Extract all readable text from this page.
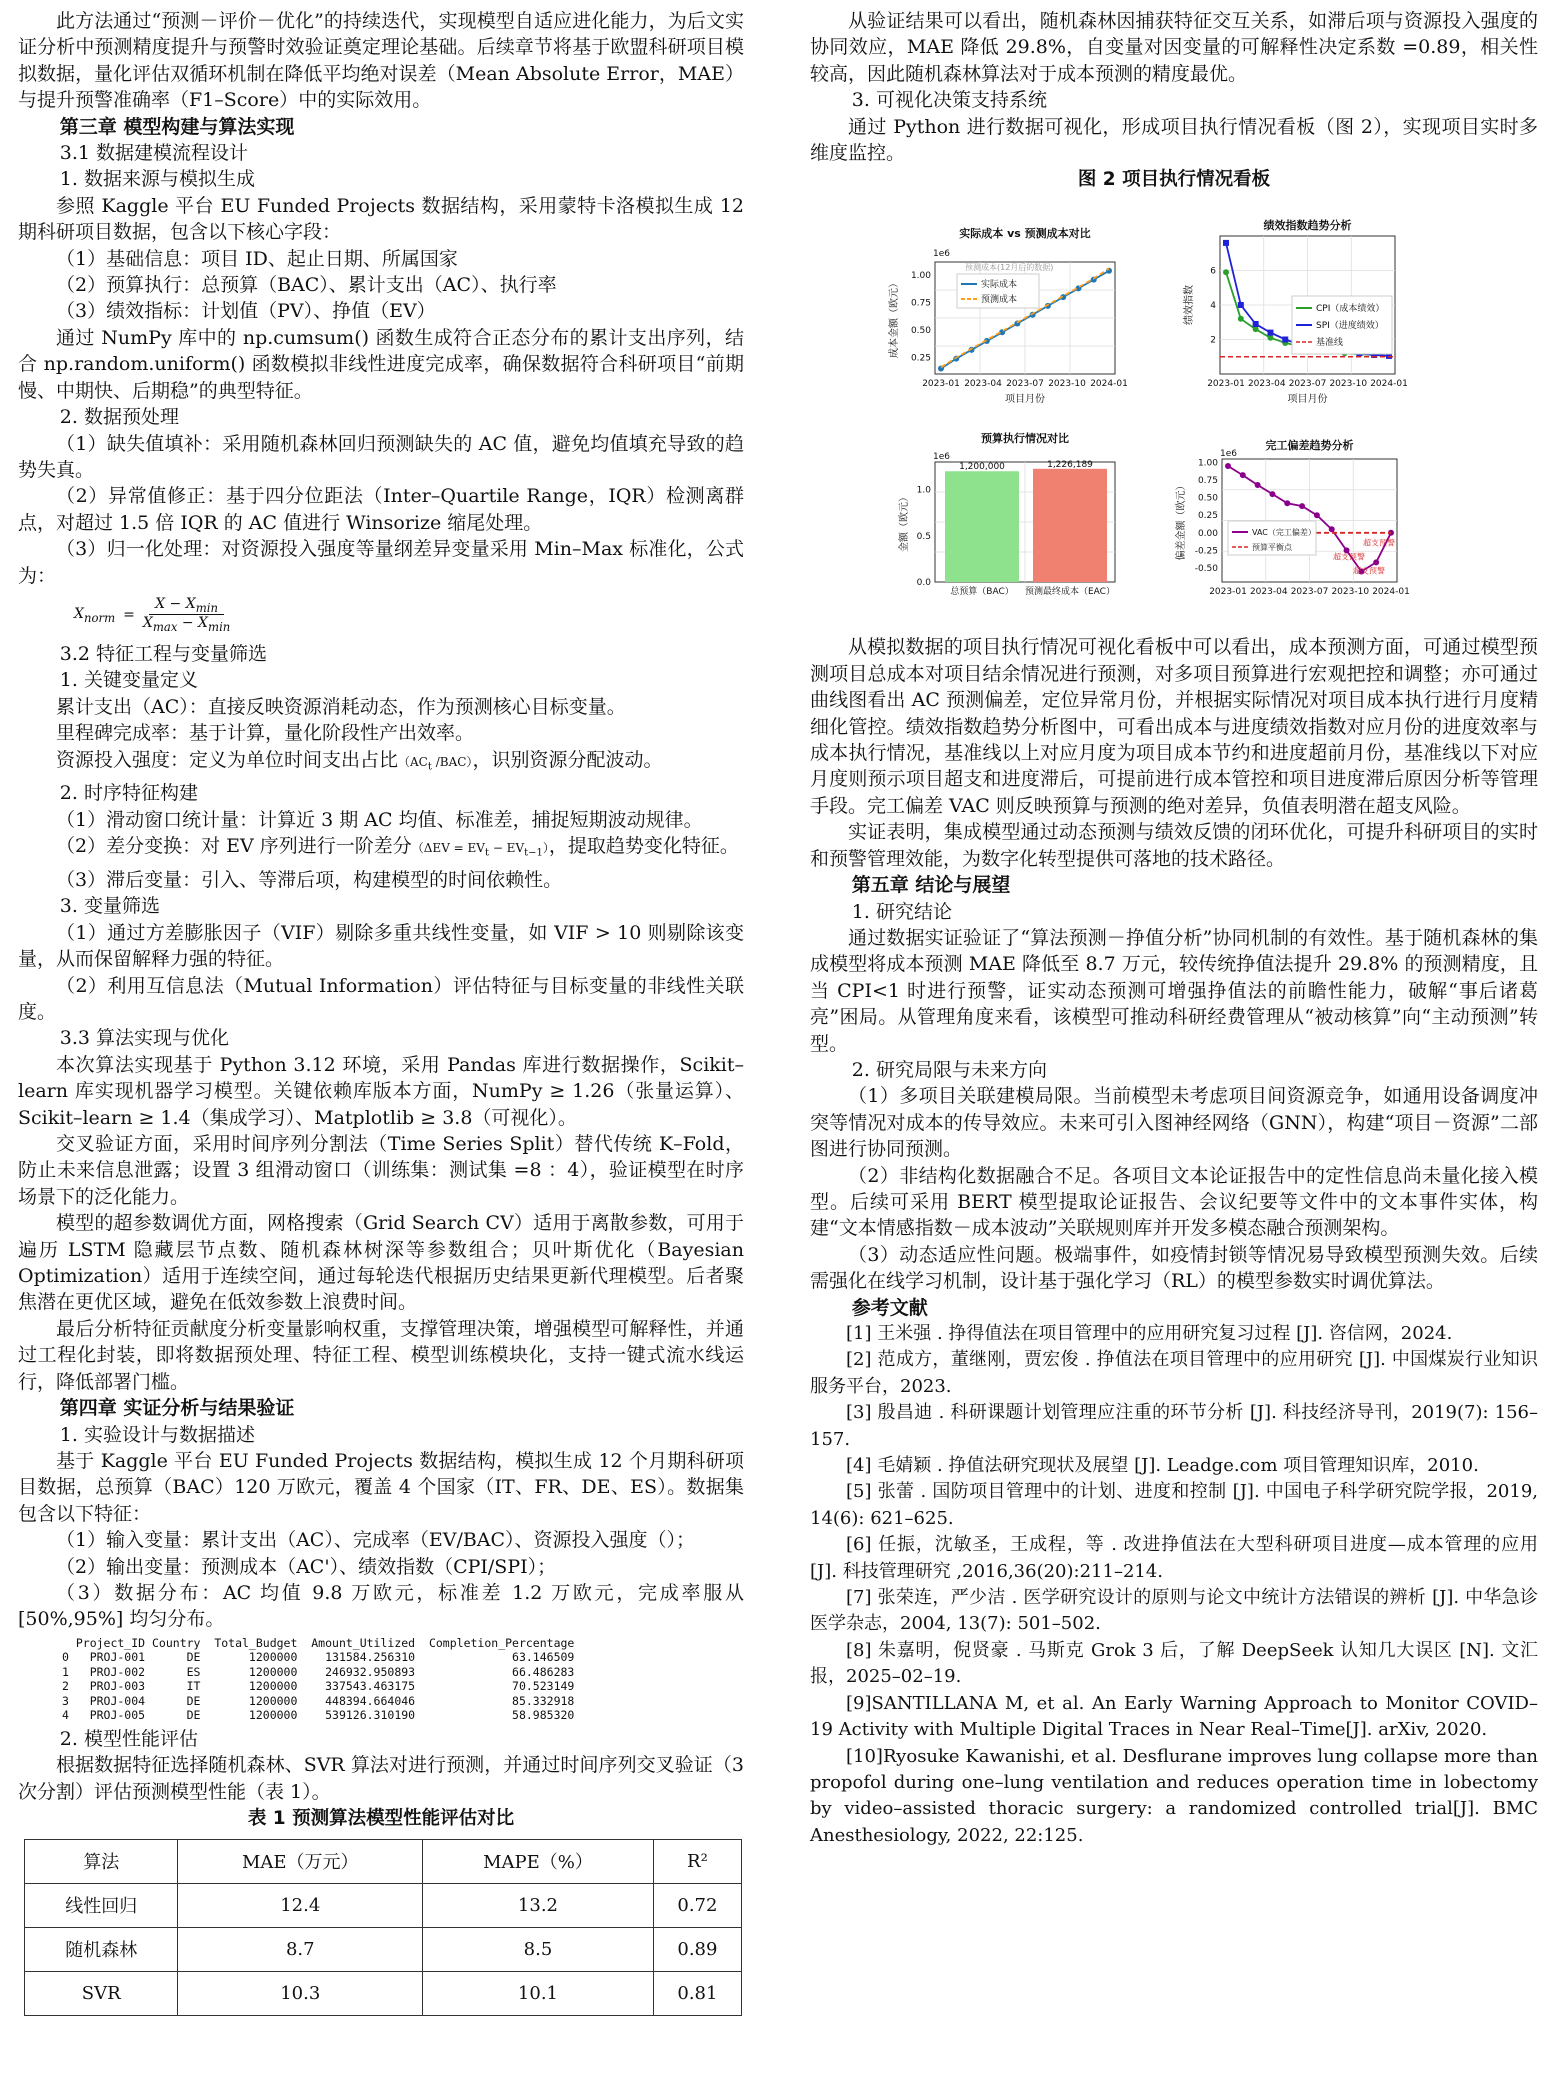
此方法通过“预测－评价－优化”的持续迭代，实现模型自适应进化能力，为后文实证分析中预测精度提升与预警时效验证奠定理论基础。后续章节将基于欧盟科研项目模拟数据，量化评估双循环机制在降低平均绝对误差（Mean Absolute Error，MAE）与提升预警准确率（F1–Score）中的实际效用。

第三章 模型构建与算法实现
3.1 数据建模流程设计
1. 数据来源与模拟生成

参照 Kaggle 平台 EU Funded Projects 数据结构，采用蒙特卡洛模拟生成 12 期科研项目数据，包含以下核心字段：

（1）基础信息：项目 ID、起止日期、所属国家

（2）预算执行：总预算（BAC）、累计支出（AC）、执行率

（3）绩效指标：计划值（PV）、挣值（EV）

通过 NumPy 库中的 np.cumsum() 函数生成符合正态分布的累计支出序列，结合 np.random.uniform() 函数模拟非线性进度完成率，确保数据符合科研项目“前期慢、中期快、后期稳”的典型特征。

2. 数据预处理

（1）缺失值填补：采用随机森林回归预测缺失的 AC 值，避免均值填充导致的趋势失真。

（2）异常值修正：基于四分位距法（Inter–Quartile Range，IQR）检测离群点，对超过 1.5 倍 IQR 的 AC 值进行 Winsorize 缩尾处理。

（3）归一化处理：对资源投入强度等量纲差异变量采用 Min–Max 标准化，公式为：

$X_{norm} = \frac{X - X_{min}}{X_{max} - X_{min}}$
3.2 特征工程与变量筛选
1. 关键变量定义

累计支出（AC）：直接反映资源消耗动态，作为预测核心目标变量。

里程碑完成率：基于计算，量化阶段性产出效率。

资源投入强度：定义为单位时间支出占比（$AC_t$ /BAC），识别资源分配波动。

2. 时序特征构建

（1）滑动窗口统计量：计算近 3 期 AC 均值、标准差，捕捉短期波动规律。

（2）差分变换：对 EV 序列进行一阶差分$(\Delta EV = EV_t - EV_{t-1})$，提取趋势变化特征。

（3）滞后变量：引入、等滞后项，构建模型的时间依赖性。

3. 变量筛选

（1）通过方差膨胀因子（VIF）剔除多重共线性变量，如 VIF > 10 则剔除该变量，从而保留解释力强的特征。

（2）利用互信息法（Mutual Information）评估特征与目标变量的非线性关联度。

3.3 算法实现与优化

本次算法实现基于 Python 3.12 环境，采用 Pandas 库进行数据操作，Scikit–learn 库实现机器学习模型。关键依赖库版本方面，NumPy ≥ 1.26（张量运算）、Scikit–learn ≥ 1.4（集成学习）、Matplotlib ≥ 3.8（可视化）。

交叉验证方面，采用时间序列分割法（Time Series Split）替代传统 K–Fold，防止未来信息泄露；设置 3 组滑动窗口（训练集：测试集 =8 ：4），验证模型在时序场景下的泛化能力。

模型的超参数调优方面，网格搜索（Grid Search CV）适用于离散参数，可用于遍历 LSTM 隐藏层节点数、随机森林树深等参数组合；贝叶斯优化（Bayesian Optimization）适用于连续空间，通过每轮迭代根据历史结果更新代理模型。后者聚焦潜在更优区域，避免在低效参数上浪费时间。

最后分析特征贡献度分析变量影响权重，支撑管理决策，增强模型可解释性，并通过工程化封装，即将数据预处理、特征工程、模型训练模块化，支持一键式流水线运行，降低部署门槛。

第四章 实证分析与结果验证
1. 实验设计与数据描述

基于 Kaggle 平台 EU Funded Projects 数据结构，模拟生成 12 个月期科研项目数据，总预算（BAC）120 万欧元，覆盖 4 个国家（IT、FR、DE、ES）。数据集包含以下特征：

（1）输入变量：累计支出（AC）、完成率（EV/BAC）、资源投入强度（）；

（2）输出变量：预测成本（AC'）、绩效指数（CPI/SPI）；

（3）数据分布：AC 均值 9.8 万欧元，标准差 1.2 万欧元，完成率服从 [50%,95%] 均匀分布。

Project_ID Country  Total_Budget  Amount_Utilized  Completion_Percentage
0   PROJ-001      DE       1200000    131584.256310              63.146509
1   PROJ-002      ES       1200000    246932.950893              66.486283
2   PROJ-003      IT       1200000    337543.463175              70.523149
3   PROJ-004      DE       1200000    448394.664046              85.332918
4   PROJ-005      DE       1200000    539126.310190              58.985320
2. 模型性能评估

根据数据特征选择随机森林、SVR 算法对进行预测，并通过时间序列交叉验证（3 次分割）评估预测模型性能（表 1）。

表 1 预测算法模型性能评估对比
算法	MAE（万元）	MAPE（%）	R²
线性回归	12.4	13.2	0.72
随机森林	8.7	8.5	0.89
SVR	10.3	10.1	0.81

从验证结果可以看出，随机森林因捕获特征交互关系，如滞后项与资源投入强度的协同效应，MAE 降低 29.8%，自变量对因变量的可解释性决定系数 =0.89，相关性较高，因此随机森林算法对于成本预测的精度最优。

3. 可视化决策支持系统

通过 Python 进行数据可视化，形成项目执行情况看板（图 2），实现项目实时多维度监控。

图 2 项目执行情况看板
实际成本 vs 预测成本对比
1e6
0.25
0.50
0.75
1.00
2023-01 2023-04 2023-07 2023-10 2024-01
项目月份
成本金额（欧元）
预测成本(12月后的数据)
实际成本
预测成本
绩效指数趋势分析
2
4
6
2023-01 2023-04 2023-07 2023-10 2024-01
项目月份
绩效指数	CPI（成本绩效）
SPI（进度绩效）
基准线
预算执行情况对比
1e6
1,200,000
总预算（BAC）
1,226,189
预测最终成本（EAC）
0.0
0.5
1.0
金额（欧元）
完工偏差趋势分析
1e6
-0.50
-0.25
0.00
0.25
0.50
0.75
1.00
2023-01 2023-04 2023-07 2023-10 2024-01
偏差金额（欧元）	超支预警
超支预警
超支预警
VAC（完工偏差）
预算平衡点

从模拟数据的项目执行情况可视化看板中可以看出，成本预测方面，可通过模型预测项目总成本对项目结余情况进行预测，对多项目预算进行宏观把控和调整；亦可通过曲线图看出 AC 预测偏差，定位异常月份，并根据实际情况对项目成本执行进行月度精细化管控。绩效指数趋势分析图中，可看出成本与进度绩效指数对应月份的进度效率与成本执行情况，基准线以上对应月度为项目成本节约和进度超前月份，基准线以下对应月度则预示项目超支和进度滞后，可提前进行成本管控和项目进度滞后原因分析等管理手段。完工偏差 VAC 则反映预算与预测的绝对差异，负值表明潜在超支风险。

实证表明，集成模型通过动态预测与绩效反馈的闭环优化，可提升科研项目的实时和预警管理效能，为数字化转型提供可落地的技术路径。

第五章 结论与展望
1. 研究结论

通过数据实证验证了“算法预测－挣值分析”协同机制的有效性。基于随机森林的集成模型将成本预测 MAE 降低至 8.7 万元，较传统挣值法提升 29.8% 的预测精度，且当 CPI<1 时进行预警，证实动态预测可增强挣值法的前瞻性能力，破解“事后诸葛亮”困局。从管理角度来看，该模型可推动科研经费管理从“被动核算”向“主动预测”转型。

2. 研究局限与未来方向

（1）多项目关联建模局限。当前模型未考虑项目间资源竞争，如通用设备调度冲突等情况对成本的传导效应。未来可引入图神经网络（GNN），构建“项目－资源”二部图进行协同预测。

（2）非结构化数据融合不足。各项目文本论证报告中的定性信息尚未量化接入模型。后续可采用 BERT 模型提取论证报告、会议纪要等文件中的文本事件实体，构建“文本情感指数－成本波动”关联规则库并开发多模态融合预测架构。

（3）动态适应性问题。极端事件，如疫情封锁等情况易导致模型预测失效。后续需强化在线学习机制，设计基于强化学习（RL）的模型参数实时调优算法。

参考文献

[1] 王米强 . 挣得值法在项目管理中的应用研究复习过程 [J]. 咨信网，2024.

[2] 范成方，董继刚，贾宏俊 . 挣值法在项目管理中的应用研究 [J]. 中国煤炭行业知识服务平台，2023.

[3] 殷昌迪 . 科研课题计划管理应注重的环节分析 [J]. 科技经济导刊，2019(7): 156–157.

[4] 毛婧颖 . 挣值法研究现状及展望 [J]. Leadge.com 项目管理知识库，2010.

[5] 张蕾 . 国防项目管理中的计划、进度和控制 [J]. 中国电子科学研究院学报，2019, 14(6): 621–625.

[6] 任振，沈敏圣，王成程，等 . 改进挣值法在大型科研项目进度—成本管理的应用 [J]. 科技管理研究 ,2016,36(20):211–214.

[7] 张荣连，严少洁 . 医学研究设计的原则与论文中统计方法错误的辨析 [J]. 中华急诊医学杂志，2004, 13(7): 501–502.

[8] 朱嘉明，倪贤豪 . 马斯克 Grok 3 后，了解 DeepSeek 认知几大误区 [N]. 文汇报，2025–02–19.

[9]SANTILLANA M, et al. An Early Warning Approach to Monitor COVID–19 Activity with Multiple Digital Traces in Near Real–Time[J]. arXiv, 2020.

[10]Ryosuke Kawanishi, et al. Desflurane improves lung collapse more than propofol during one–lung ventilation and reduces operation time in lobectomy by video–assisted thoracic surgery: a randomized controlled trial[J]. BMC Anesthesiology, 2022, 22:125.
